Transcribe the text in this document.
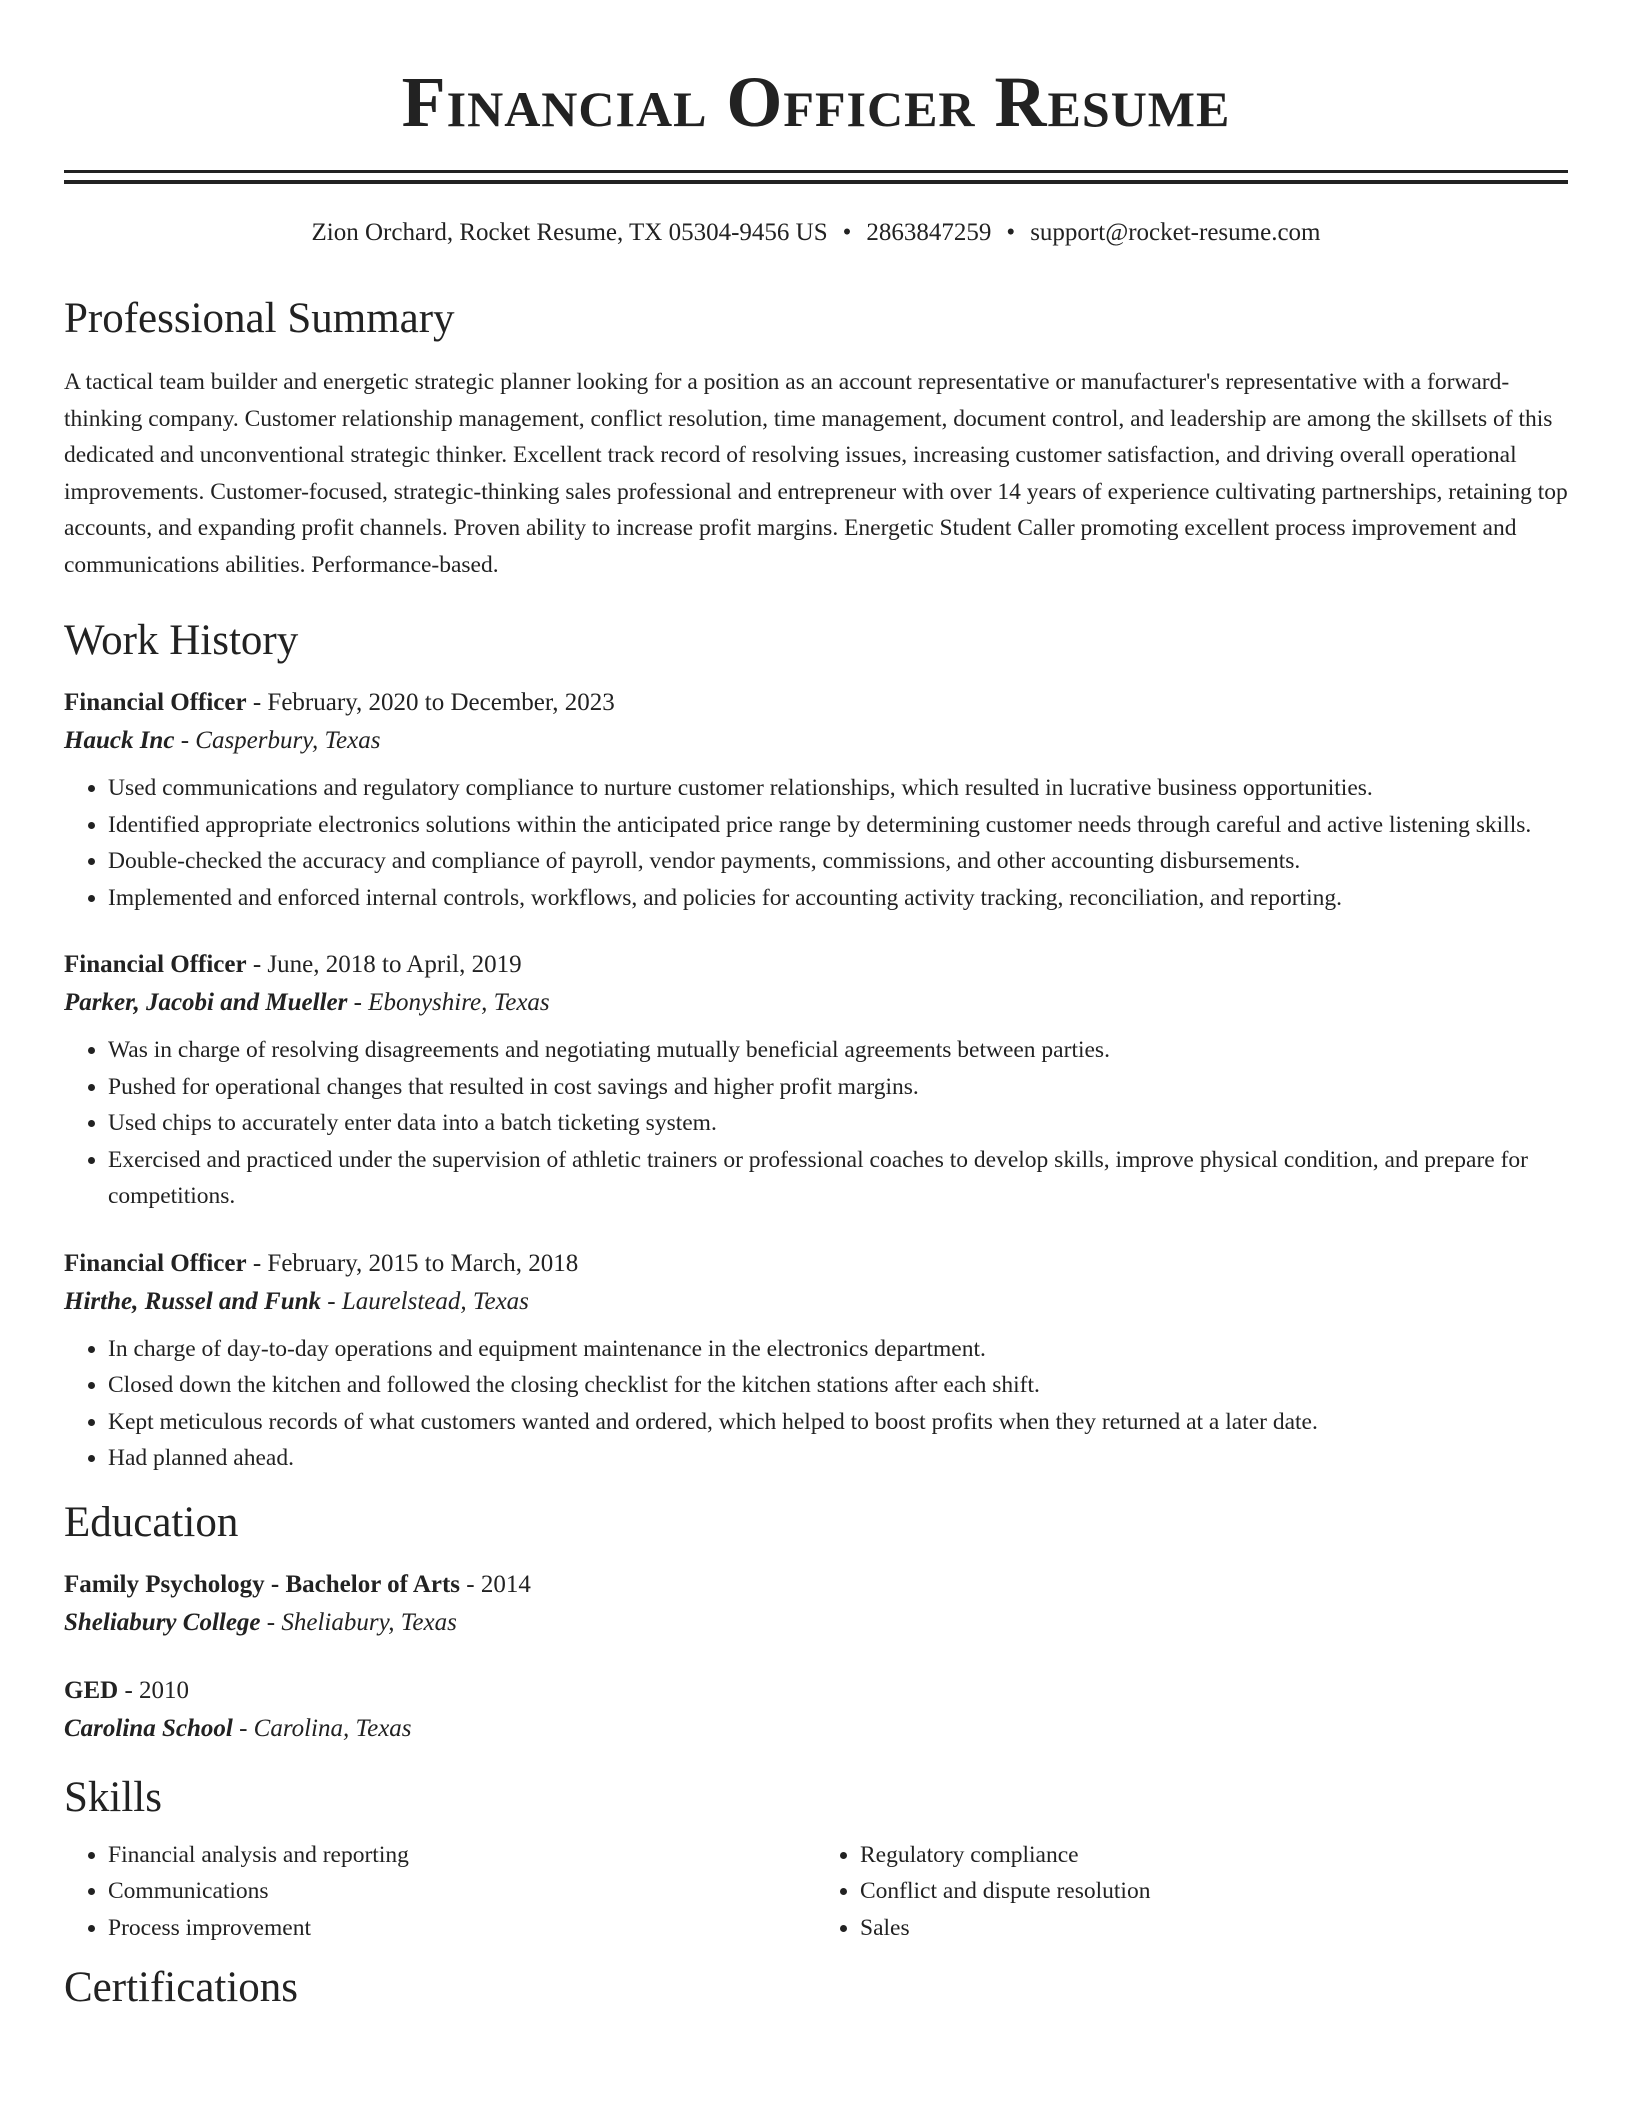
Financial Officer Resume
Zion Orchard, Rocket Resume, TX 05304-9456 US • 2863847259 • support@rocket-resume.com
Professional Summary

A tactical team builder and energetic strategic planner looking for a position as an account representative or manufacturer's representative with a forward-thinking company. Customer relationship management, conflict resolution, time management, document control, and leadership are among the skillsets of this dedicated and unconventional strategic thinker. Excellent track record of resolving issues, increasing customer satisfaction, and driving overall operational improvements. Customer-focused, strategic-thinking sales professional and entrepreneur with over 14 years of experience cultivating partnerships, retaining top accounts, and expanding profit channels. Proven ability to increase profit margins. Energetic Student Caller promoting excellent process improvement and communications abilities. Performance-based.

Work History
Financial Officer - February, 2020 to December, 2023
Hauck Inc - Casperbury, Texas
• Used communications and regulatory compliance to nurture customer relationships, which resulted in lucrative business opportunities.
• Identified appropriate electronics solutions within the anticipated price range by determining customer needs through careful and active listening skills.
• Double-checked the accuracy and compliance of payroll, vendor payments, commissions, and other accounting disbursements.
• Implemented and enforced internal controls, workflows, and policies for accounting activity tracking, reconciliation, and reporting.
Financial Officer - June, 2018 to April, 2019
Parker, Jacobi and Mueller - Ebonyshire, Texas
• Was in charge of resolving disagreements and negotiating mutually beneficial agreements between parties.
• Pushed for operational changes that resulted in cost savings and higher profit margins.
• Used chips to accurately enter data into a batch ticketing system.
• Exercised and practiced under the supervision of athletic trainers or professional coaches to develop skills, improve physical condition, and prepare for competitions.
Financial Officer - February, 2015 to March, 2018
Hirthe, Russel and Funk - Laurelstead, Texas
• In charge of day-to-day operations and equipment maintenance in the electronics department.
• Closed down the kitchen and followed the closing checklist for the kitchen stations after each shift.
• Kept meticulous records of what customers wanted and ordered, which helped to boost profits when they returned at a later date.
• Had planned ahead.
Education
Family Psychology - Bachelor of Arts - 2014
Sheliabury College - Sheliabury, Texas
GED - 2010
Carolina School - Carolina, Texas
Skills
• Financial analysis and reporting
• Communications
• Process improvement
• Regulatory compliance
• Conflict and dispute resolution
• Sales
Certifications
